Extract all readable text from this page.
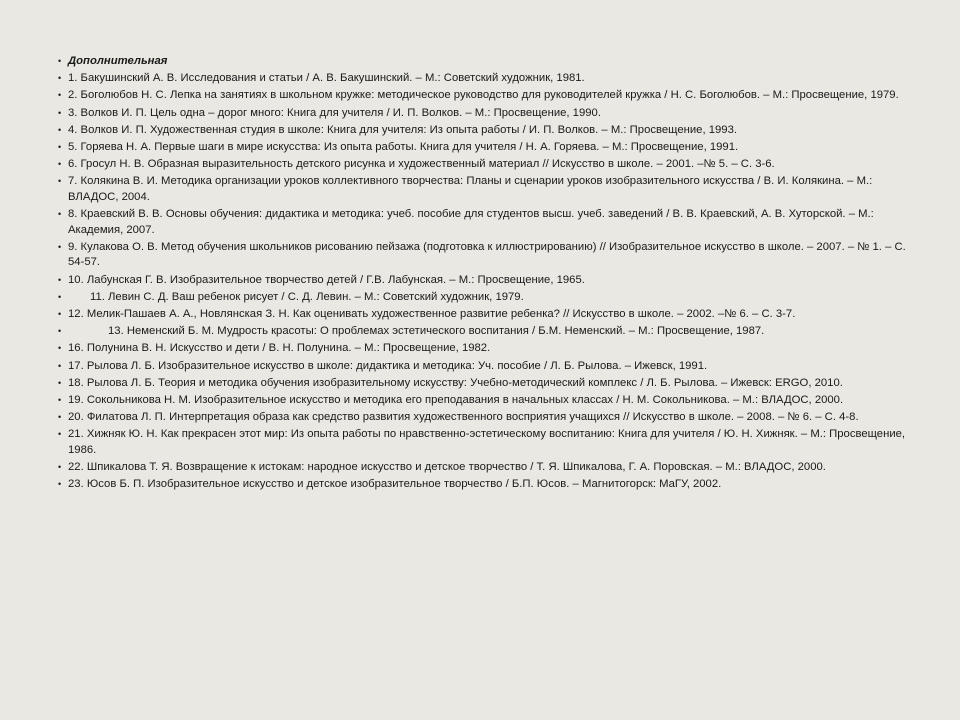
• Дополнительная
• 1. Бакушинский А. В. Исследования и статьи / А. В. Бакушинский. – М.: Советский художник, 1981.
• 2. Боголюбов Н. С. Лепка на занятиях в школьном кружке: методическое руководство для руководителей кружка / Н. С. Боголюбов. – М.: Просвещение, 1979.
• 3. Волков И. П. Цель одна – дорог много: Книга для учителя / И. П. Волков. – М.: Просвещение, 1990.
• 4. Волков И. П. Художественная студия в школе: Книга для учителя: Из опыта работы / И. П. Волков. – М.: Просвещение, 1993.
• 5. Горяева Н. А. Первые шаги в мире искусства: Из опыта работы. Книга для учителя / Н. А. Горяева. – М.: Просвещение, 1991.
• 6. Гросул Н. В. Образная выразительность детского рисунка и художественный материал // Искусство в школе. – 2001. –№ 5. – С. 3-6.
• 7. Колякина В. И. Методика организации уроков коллективного творчества: Планы и сценарии уроков изобразительного искусства / В. И. Колякина. – М.: ВЛАДОС, 2004.
• 8. Краевский В. В. Основы обучения: дидактика и методика: учеб. пособие для студентов высш. учеб. заведений / В. В. Краевский, А. В. Хуторской. – М.: Академия, 2007.
• 9. Кулакова О. В. Метод обучения школьников рисованию пейзажа (подготовка к иллюстрированию) // Изобразительное искусство в школе. – 2007. – № 1. – С. 54-57.
• 10. Лабунская Г. В. Изобразительное творчество детей / Г.В. Лабунская. – М.: Просвещение, 1965.
•	11. Левин С. Д. Ваш ребенок рисует / С. Д. Левин. – М.: Советский художник, 1979.
• 12. Мелик-Пашаев А. А., Новлянская З. Н. Как оценивать художественное развитие ребенка? // Искусство в школе. – 2002. –№ 6. – С. 3-7.
•	13. Неменский Б. М. Мудрость красоты: О проблемах эстетического воспитания / Б.М. Неменский. – М.: Просвещение, 1987.
• 16. Полунина В. Н. Искусство и дети / В. Н. Полунина. – М.: Просвещение, 1982.
• 17. Рылова Л. Б. Изобразительное искусство в школе: дидактика и методика: Уч. пособие / Л. Б. Рылова. – Ижевск, 1991.
• 18. Рылова Л. Б. Теория и методика обучения изобразительному искусству: Учебно-методический комплекс / Л. Б. Рылова. – Ижевск: ERGO, 2010.
• 19. Сокольникова Н. М. Изобразительное искусство и методика его преподавания в начальных классах / Н. М. Сокольникова. – М.: ВЛАДОС, 2000.
• 20. Филатова Л. П. Интерпретация образа как средство развития художественного восприятия учащихся // Искусство в школе. – 2008. – № 6. – С. 4-8.
• 21. Хижняк Ю. Н. Как прекрасен этот мир: Из опыта работы по нравственно-эстетическому воспитанию: Книга для учителя / Ю. Н. Хижняк. – М.: Просвещение, 1986.
• 22. Шпикалова Т. Я. Возвращение к истокам: народное искусство и детское творчество / Т. Я. Шпикалова, Г. А. Поровская. – М.: ВЛАДОС, 2000.
• 23. Юсов Б. П. Изобразительное искусство и детское изобразительное творчество / Б.П. Юсов. – Магнитогорск: МаГУ, 2002.
